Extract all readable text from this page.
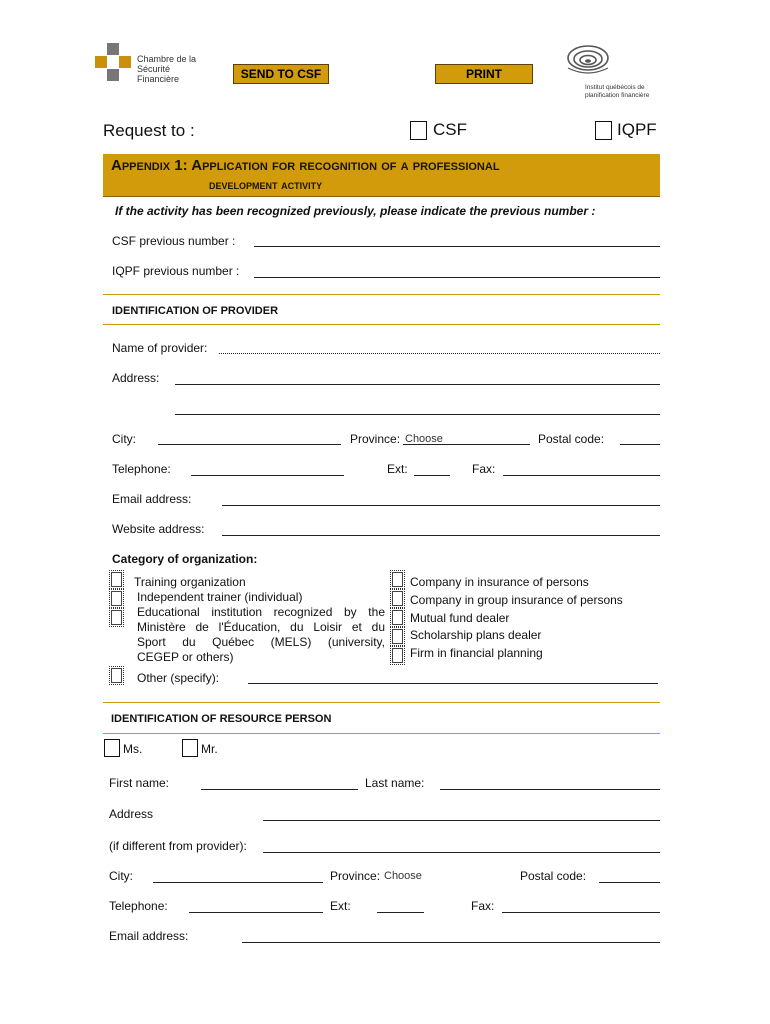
Chambre de la
Sécurité
Financière	SEND TO CSF	PRINT
Institut québécois de
planification financière
Request to :	CSF	IQPF
Appendix 1: Application for recognition of a professional
development activity
If the activity has been recognized previously, please indicate the previous number :
CSF previous number :
IQPF previous number :
IDENTIFICATION OF PROVIDER
Name of provider:
Address:
City:	Province: Choose	Postal code:
Telephone:	Ext:	Fax:
Email address:
Website address:
Category of organization:
Training organization
Independent trainer (individual)
Educational institution recognized by the
Ministère de l'Éducation, du Loisir et du
Sport du Québec (MELS) (university,
CEGEP or others)
Company in insurance of persons
Company in group insurance of persons
Mutual fund dealer
Scholarship plans dealer
Firm in financial planning
Other (specify):
IDENTIFICATION OF RESOURCE PERSON
Ms.	Mr.
First name:	Last name:
Address
(if different from provider):
City:	Province: Choose	Postal code:
Telephone:	Ext:	Fax:
Email address:
